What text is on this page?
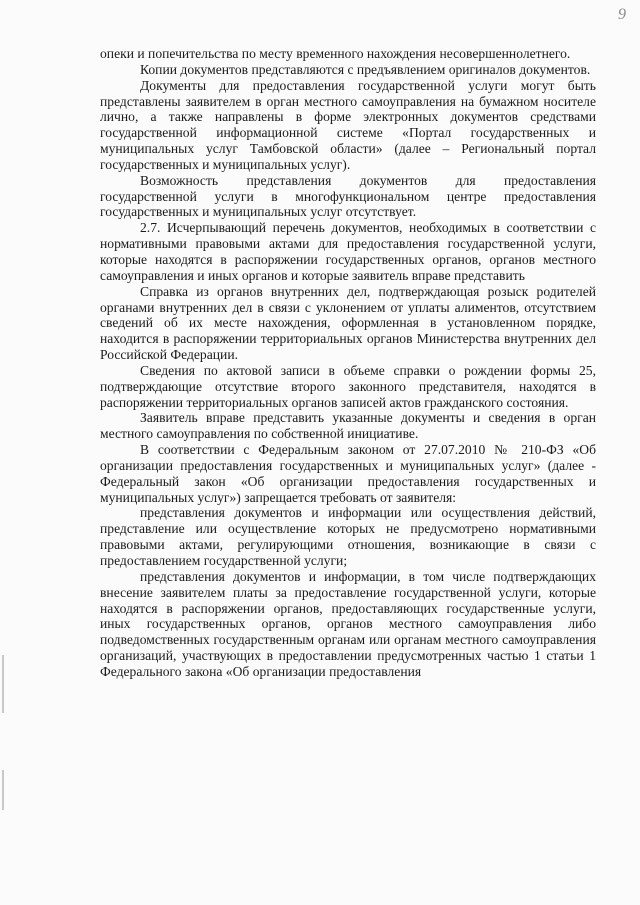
9

опеки и попечительства по месту временного нахождения несовершеннолетнего.

Копии документов представляются с предъявлением оригиналов документов.

Документы для предоставления государственной услуги могут быть представлены заявителем в орган местного самоуправления на бумажном носителе лично, а также направлены в форме электронных документов средствами государственной информационной системе «Портал государственных и муниципальных услуг Тамбовской области» (далее – Региональный портал государственных и муниципальных услуг).

Возможность представления документов для предоставления государственной услуги в многофункциональном центре предоставления государственных и муниципальных услуг отсутствует.

2.7. Исчерпывающий перечень документов, необходимых в соответствии с нормативными правовыми актами для предоставления государственной услуги, которые находятся в распоряжении государственных органов, органов местного самоуправления и иных органов и которые заявитель вправе представить

Справка из органов внутренних дел, подтверждающая розыск родителей органами внутренних дел в связи с уклонением от уплаты алиментов, отсутствием сведений об их месте нахождения, оформленная в установленном порядке, находится в распоряжении территориальных органов Министерства внутренних дел Российской Федерации.

Сведения по актовой записи в объеме справки о рождении формы 25, подтверждающие отсутствие второго законного представителя, находятся в распоряжении территориальных органов записей актов гражданского состояния.

Заявитель вправе представить указанные документы и сведения в орган местного самоуправления по собственной инициативе.

В соответствии с Федеральным законом от 27.07.2010 № 210-ФЗ «Об организации предоставления государственных и муниципальных услуг» (далее - Федеральный закон «Об организации предоставления государственных и муниципальных услуг») запрещается требовать от заявителя:

представления документов и информации или осуществления действий, представление или осуществление которых не предусмотрено нормативными правовыми актами, регулирующими отношения, возникающие в связи с предоставлением государственной услуги;

представления документов и информации, в том числе подтверждающих внесение заявителем платы за предоставление государственной услуги, которые находятся в распоряжении органов, предоставляющих государственные услуги, иных государственных органов, органов местного самоуправления либо подведомственных государственным органам или органам местного самоуправления организаций, участвующих в предоставлении предусмотренных частью 1 статьи 1 Федерального закона «Об организации предоставления
